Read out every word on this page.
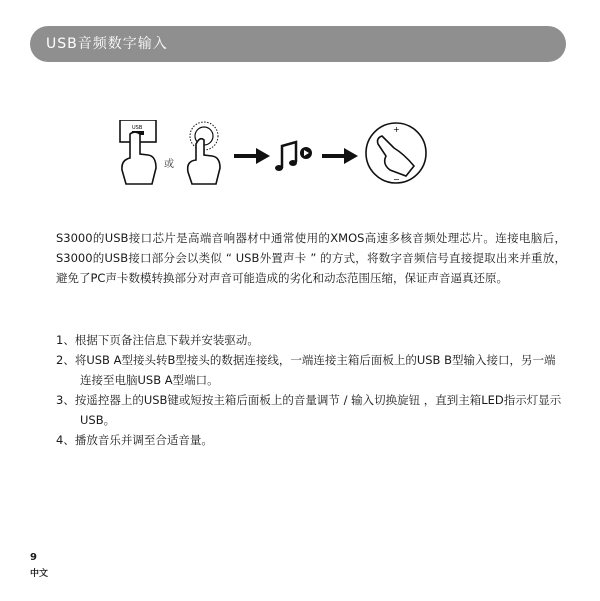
USB音频数字输入
USB
或
+
−

S3000的USB接口芯片是高端音响器材中通常使用的XMOS高速多核音频处理芯片。连接电脑后，S3000的USB接口部分会以类似 “ USB外置声卡 ” 的方式，将数字音频信号直接提取出来并重放，避免了PC声卡数模转换部分对声音可能造成的劣化和动态范围压缩，保证声音逼真还原。

1、根据下页备注信息下载并安装驱动。
2、将USB A型接头转B型接头的数据连接线，一端连接主箱后面板上的USB B型输入接口，另一端连接至电脑USB A型端口。
3、按遥控器上的USB键或短按主箱后面板上的音量调节 / 输入切换旋钮 ，直到主箱LED指示灯显示USB。
4、播放音乐并调至合适音量。
9
中文
